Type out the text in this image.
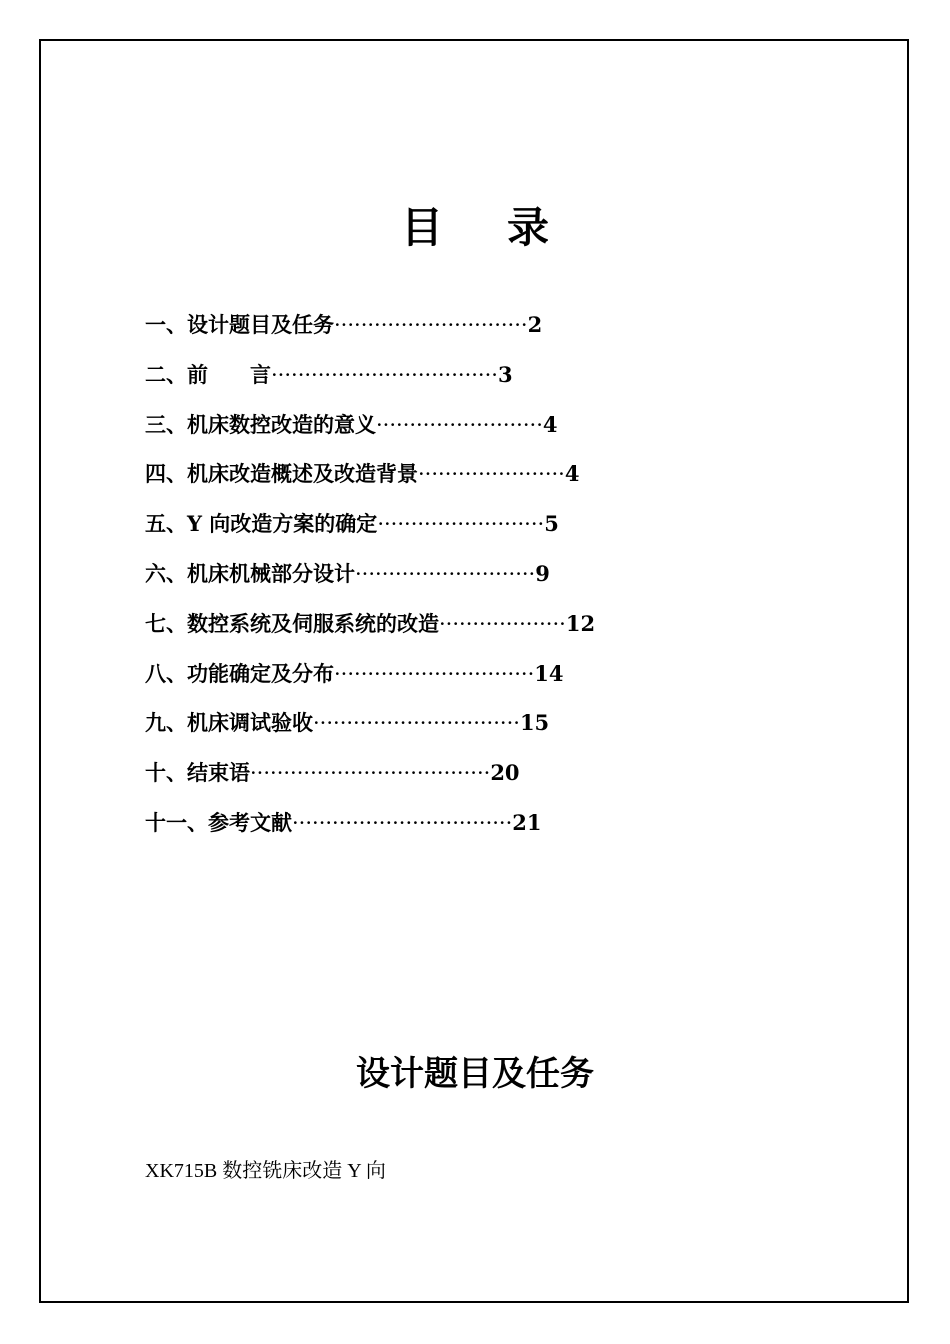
目 录
一、设计题目及任务·····························2
二、前　　言··································3
三、机床数控改造的意义·························4
四、机床改造概述及改造背景······················4
五、Y 向改造方案的确定·························5
六、机床机械部分设计···························9
七、数控系统及伺服系统的改造···················12
八、功能确定及分布······························14
九、机床调试验收·······························15
十、结束语····································20
十一、参考文献·································21
设计题目及任务
XK715B 数控铣床改造 Y 向
